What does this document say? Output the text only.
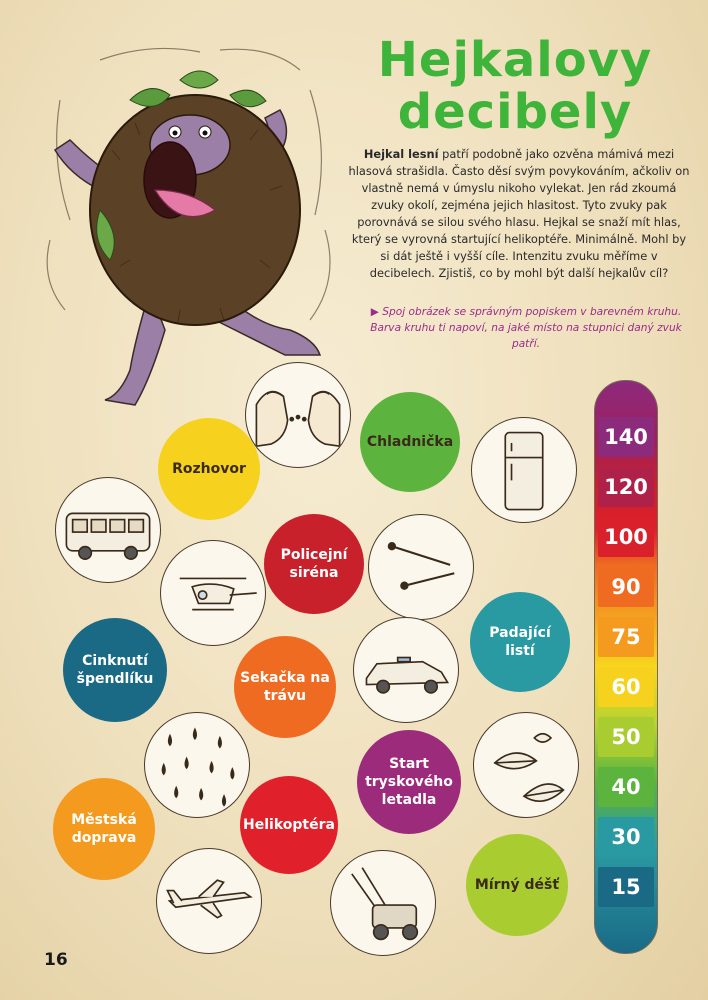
Hejkalovy
decibely
Hejkal lesní patří podobně jako ozvěna mámivá mezi hlasová strašidla. Často děsí svým povykováním, ačkoliv on vlastně nemá v úmyslu nikoho vylekat. Jen rád zkoumá zvuky okolí, zejména jejich hlasitost. Tyto zvuky pak porovnává se silou svého hlasu. Hejkal se snaží mít hlas, který se vyrovná startující helikoptéře. Minimálně. Mohl by si dát ještě i vyšší cíle. Intenzitu zvuku měříme v decibelech. Zjistiš, co by mohl být další hejkalův cíl?
▶ Spoj obrázek se správným popiskem v barevném kruhu. Barva kruhu ti napoví, na jaké místo na stupnici daný zvuk patří.
Rozhovor
Chladnička
Policejní siréna
Padající listí
Cinknutí špendlíku	Sekačka na trávu
Start tryskového letadla
Městská doprava
Helikoptéra
Mírný déšť
140
120
100
90
75
60
50
40
30
15
16
